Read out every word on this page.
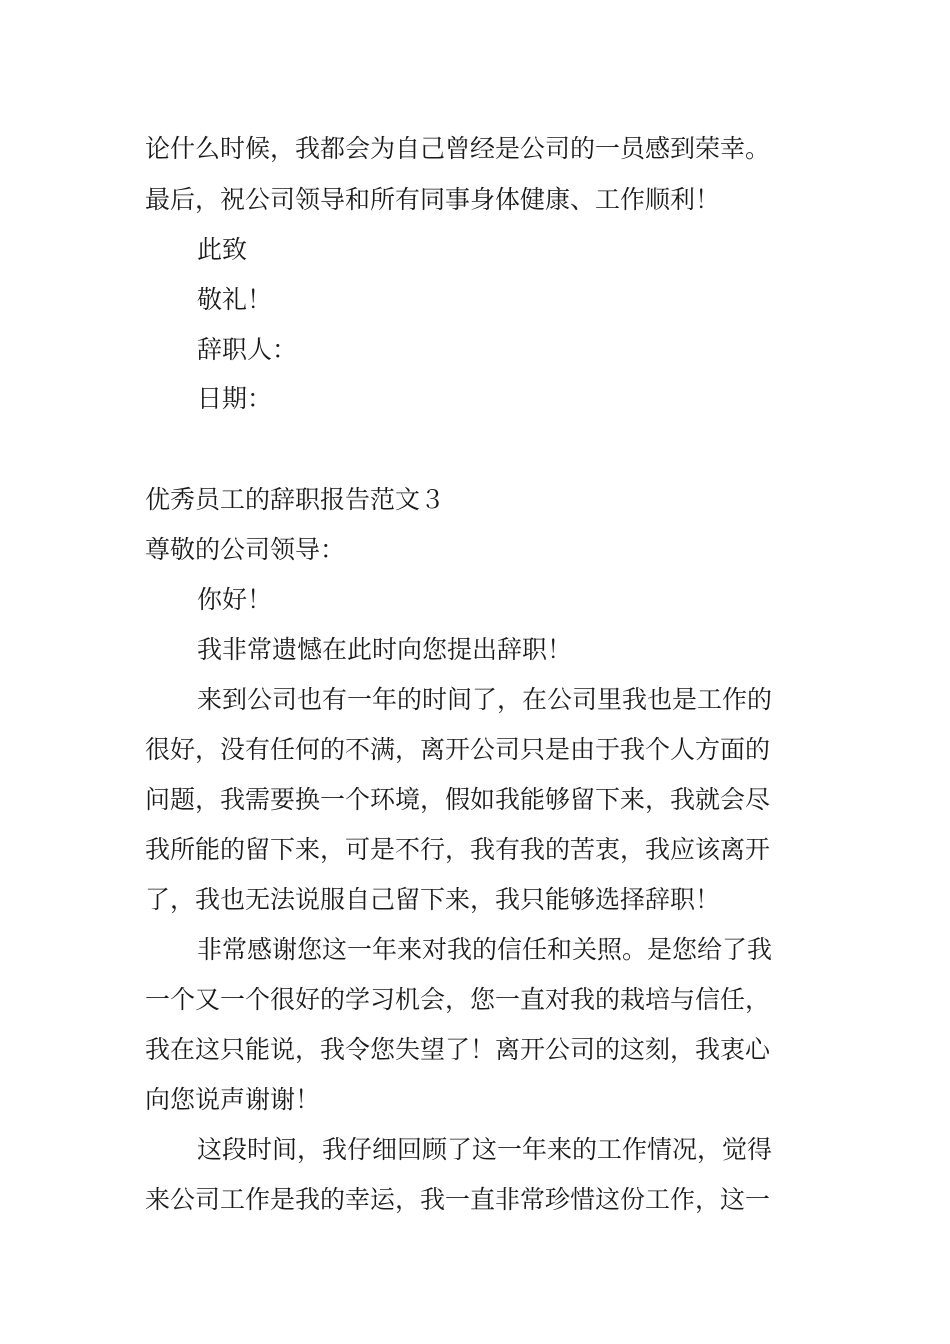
论什么时候，我都会为自己曾经是公司的一员感到荣幸。

最后，祝公司领导和所有同事身体健康、工作顺利！

此致

敬礼！

辞职人：

日期：

优秀员工的辞职报告范文３

尊敬的公司领导：

你好！

我非常遗憾在此时向您提出辞职！

来到公司也有一年的时间了，在公司里我也是工作的

很好，没有任何的不满，离开公司只是由于我个人方面的

问题，我需要换一个环境，假如我能够留下来，我就会尽

我所能的留下来，可是不行，我有我的苦衷，我应该离开

了，我也无法说服自己留下来，我只能够选择辞职！

非常感谢您这一年来对我的信任和关照。是您给了我

一个又一个很好的学习机会，您一直对我的栽培与信任，

我在这只能说，我令您失望了！离开公司的这刻，我衷心

向您说声谢谢！

这段时间，我仔细回顾了这一年来的工作情况，觉得

来公司工作是我的幸运，我一直非常珍惜这份工作，这一
